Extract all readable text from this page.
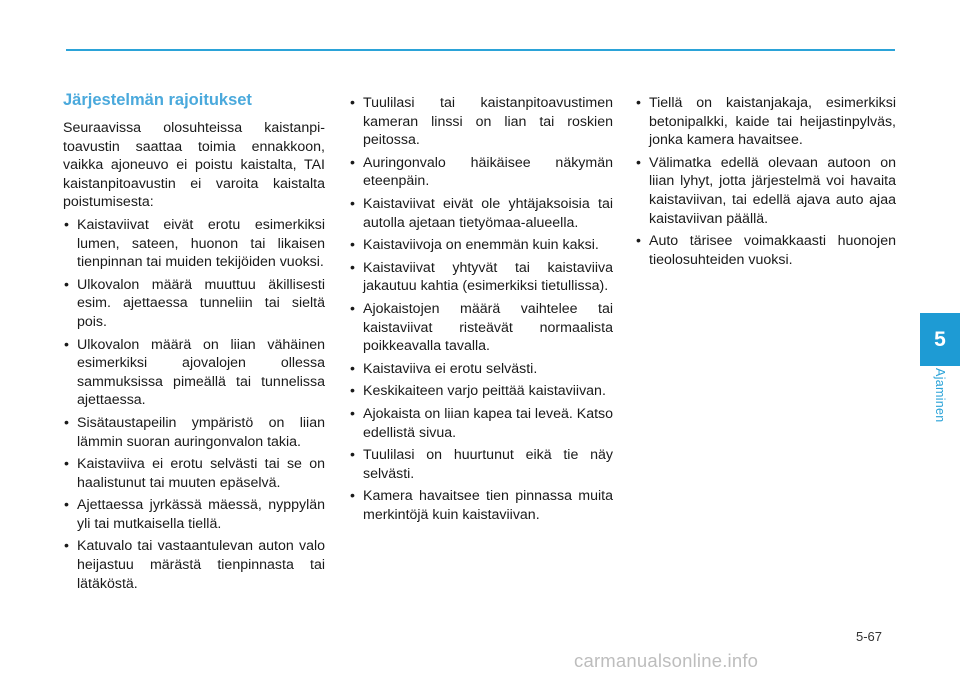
Järjestelmän rajoitukset

Seuraavissa olosuhteissa kaistanpitoavustin saattaa toimia ennakkoon, vaikka ajoneuvo ei poistu kaistalta, TAI kaistanpitoavustin ei varoita kaistalta poistumisesta:

• Kaistaviivat eivät erotu esimerkiksi lumen, sateen, huonon tai likaisen tienpinnan tai muiden tekijöiden vuoksi.
• Ulkovalon määrä muuttuu äkillisesti esim. ajettaessa tunneliin tai sieltä pois.
• Ulkovalon määrä on liian vähäinen esimerkiksi ajovalojen ollessa sammuksissa pimeällä tai tunnelissa ajettaessa.
• Sisätaustapeilin ympäristö on liian lämmin suoran auringonvalon takia.
• Kaistaviiva ei erotu selvästi tai se on haalistunut tai muuten epäselvä.
• Ajettaessa jyrkässä mäessä, nyppylän yli tai mutkaisella tiellä.
• Katuvalo tai vastaantulevan auton valo heijastuu märästä tienpinnasta tai lätäköstä.
• Tuulilasi tai kaistanpitoavustimen kameran linssi on lian tai roskien peitossa.
• Auringonvalo häikäisee näkymän eteenpäin.
• Kaistaviivat eivät ole yhtäjaksoisia tai autolla ajetaan tietyömaa-alueella.
• Kaistaviivoja on enemmän kuin kaksi.
• Kaistaviivat yhtyvät tai kaistaviiva jakautuu kahtia (esimerkiksi tietullissa).
• Ajokaistojen määrä vaihtelee tai kaistaviivat risteävät normaalista poikkeavalla tavalla.
• Kaistaviiva ei erotu selvästi.
• Keskikaiteen varjo peittää kaistaviivan.
• Ajokaista on liian kapea tai leveä. Katso edellistä sivua.
• Tuulilasi on huurtunut eikä tie näy selvästi.
• Kamera havaitsee tien pinnassa muita merkintöjä kuin kaistaviivan.
• Tiellä on kaistanjakaja, esimerkiksi betonipalkki, kaide tai heijastinpylväs, jonka kamera havaitsee.
• Välimatka edellä olevaan autoon on liian lyhyt, jotta järjestelmä voi havaita kaistaviivan, tai edellä ajava auto ajaa kaistaviivan päällä.
• Auto tärisee voimakkaasti huonojen tieolosuhteiden vuoksi.
5
Ajaminen
5-67
carmanualsonline.info
